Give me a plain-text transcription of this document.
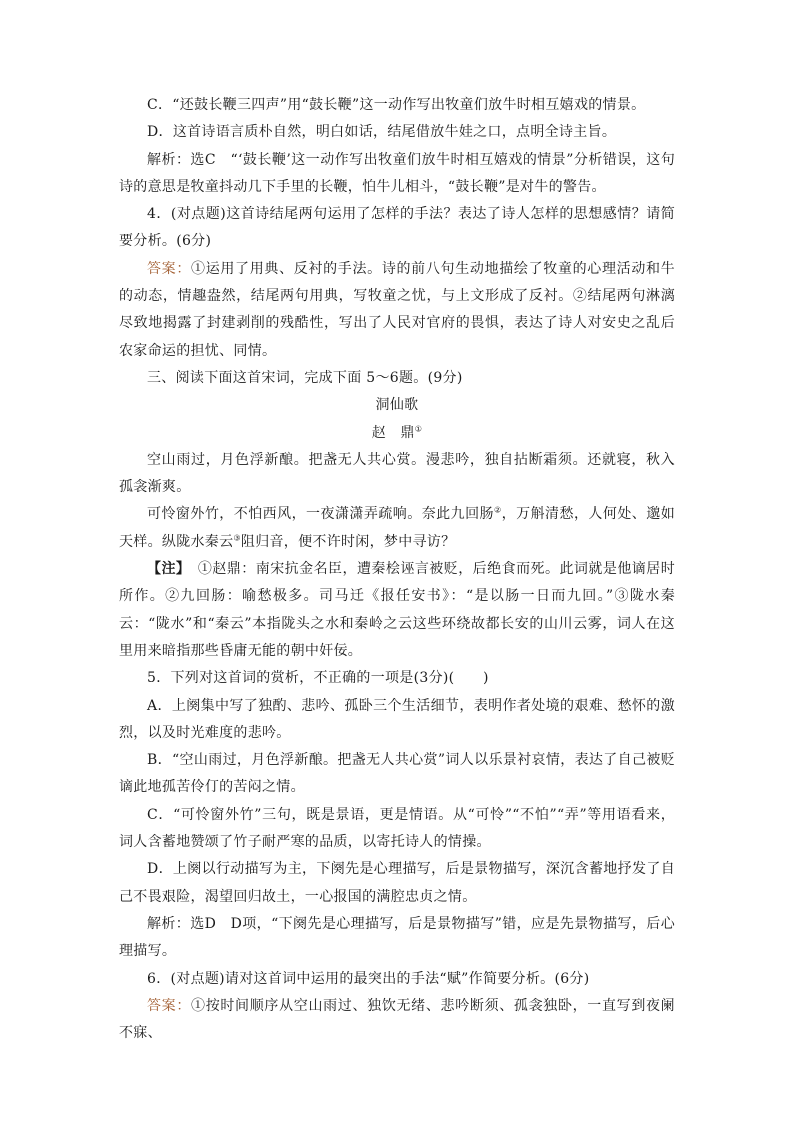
C．“还鼓长鞭三四声”用“鼓长鞭”这一动作写出牧童们放牛时相互嬉戏的情景。

D．这首诗语言质朴自然，明白如话，结尾借放牛娃之口，点明全诗主旨。

解析：选C　“‘鼓长鞭’这一动作写出牧童们放牛时相互嬉戏的情景”分析错误，这句诗的意思是牧童抖动几下手里的长鞭，怕牛儿相斗，“鼓长鞭”是对牛的警告。

4．(对点题)这首诗结尾两句运用了怎样的手法？表达了诗人怎样的思想感情？请简要分析。(6分)

答案：①运用了用典、反衬的手法。诗的前八句生动地描绘了牧童的心理活动和牛的动态，情趣盎然，结尾两句用典，写牧童之忧，与上文形成了反衬。②结尾两句淋漓尽致地揭露了封建剥削的残酷性，写出了人民对官府的畏惧，表达了诗人对安史之乱后农家命运的担忧、同情。

三、阅读下面这首宋词，完成下面 5～6题。(9分)

洞仙歌

赵　鼎①

空山雨过，月色浮新酿。把盏无人共心赏。漫悲吟，独自拈断霜须。还就寝，秋入孤衾渐爽。

可怜窗外竹，不怕西风，一夜潇潇弄疏响。奈此九回肠②，万斛清愁，人何处、邈如天样。纵陇水秦云③阻归音，便不许时闲，梦中寻访？

【注】　①赵鼎：南宋抗金名臣，遭秦桧诬言被贬，后绝食而死。此词就是他谪居时所作。②九回肠：喻愁极多。司马迁《报任安书》：“是以肠一日而九回。”③陇水秦云：“陇水”和“秦云”本指陇头之水和秦岭之云这些环绕故都长安的山川云雾，词人在这里用来暗指那些昏庸无能的朝中奸佞。

5．下列对这首词的赏析，不正确的一项是(3分)(　　)

A．上阕集中写了独酌、悲吟、孤卧三个生活细节，表明作者处境的艰难、愁怀的激烈，以及时光难度的悲吟。

B．“空山雨过，月色浮新酿。把盏无人共心赏”词人以乐景衬哀情，表达了自己被贬谪此地孤苦伶仃的苦闷之情。

C．“可怜窗外竹”三句，既是景语，更是情语。从“可怜”“不怕”“弄”等用语看来，词人含蓄地赞颂了竹子耐严寒的品质，以寄托诗人的情操。

D．上阕以行动描写为主，下阕先是心理描写，后是景物描写，深沉含蓄地抒发了自己不畏艰险，渴望回归故土，一心报国的满腔忠贞之情。

解析：选D　D项，“下阕先是心理描写，后是景物描写”错，应是先景物描写，后心理描写。

6．(对点题)请对这首词中运用的最突出的手法“赋”作简要分析。(6分)

答案：①按时间顺序从空山雨过、独饮无绪、悲吟断须、孤衾独卧，一直写到夜阑不寐、
